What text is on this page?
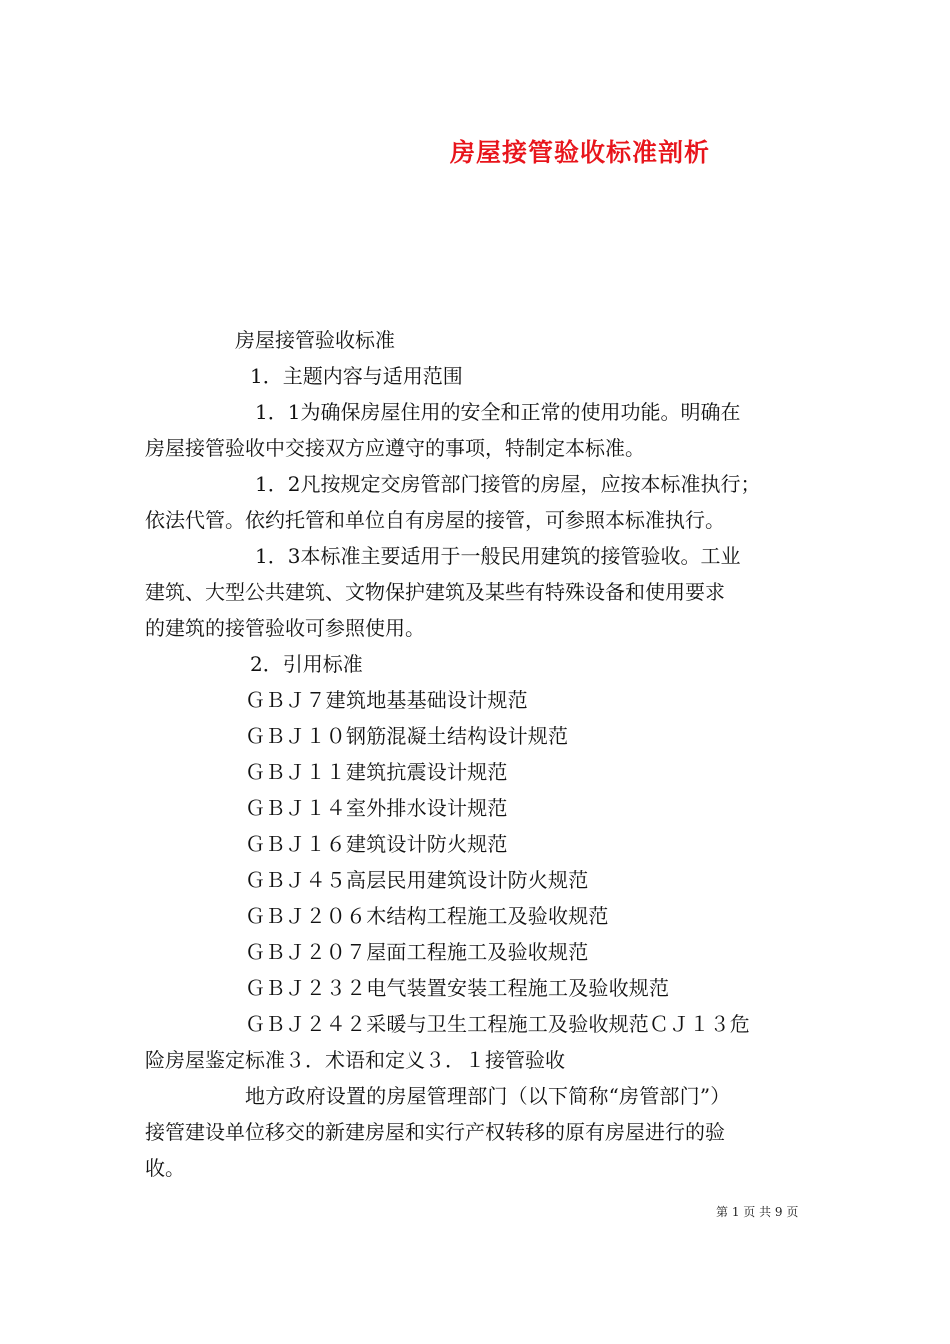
房屋接管验收标准剖析
房屋接管验收标准
1．主题内容与适用范围
1．1为确保房屋住用的安全和正常的使用功能。明确在
房屋接管验收中交接双方应遵守的事项，特制定本标准。
1．2凡按规定交房管部门接管的房屋，应按本标准执行；
依法代管。依约托管和单位自有房屋的接管，可参照本标准执行。
1．3本标准主要适用于一般民用建筑的接管验收。工业
建筑、大型公共建筑、文物保护建筑及某些有特殊设备和使用要求
的建筑的接管验收可参照使用。
2．引用标准
ＧＢＪ７建筑地基基础设计规范
ＧＢＪ１０钢筋混凝土结构设计规范
ＧＢＪ１１建筑抗震设计规范
ＧＢＪ１４室外排水设计规范
ＧＢＪ１６建筑设计防火规范
ＧＢＪ４５高层民用建筑设计防火规范
ＧＢＪ２０６木结构工程施工及验收规范
ＧＢＪ２０７屋面工程施工及验收规范
ＧＢＪ２３２电气装置安装工程施工及验收规范
ＧＢＪ２４２采暖与卫生工程施工及验收规范ＣＪ１３危
险房屋鉴定标准３．术语和定义３．１接管验收
地方政府设置的房屋管理部门（以下简称“房管部门”）
接管建设单位移交的新建房屋和实行产权转移的原有房屋进行的验
收。
第 1 页 共 9 页
